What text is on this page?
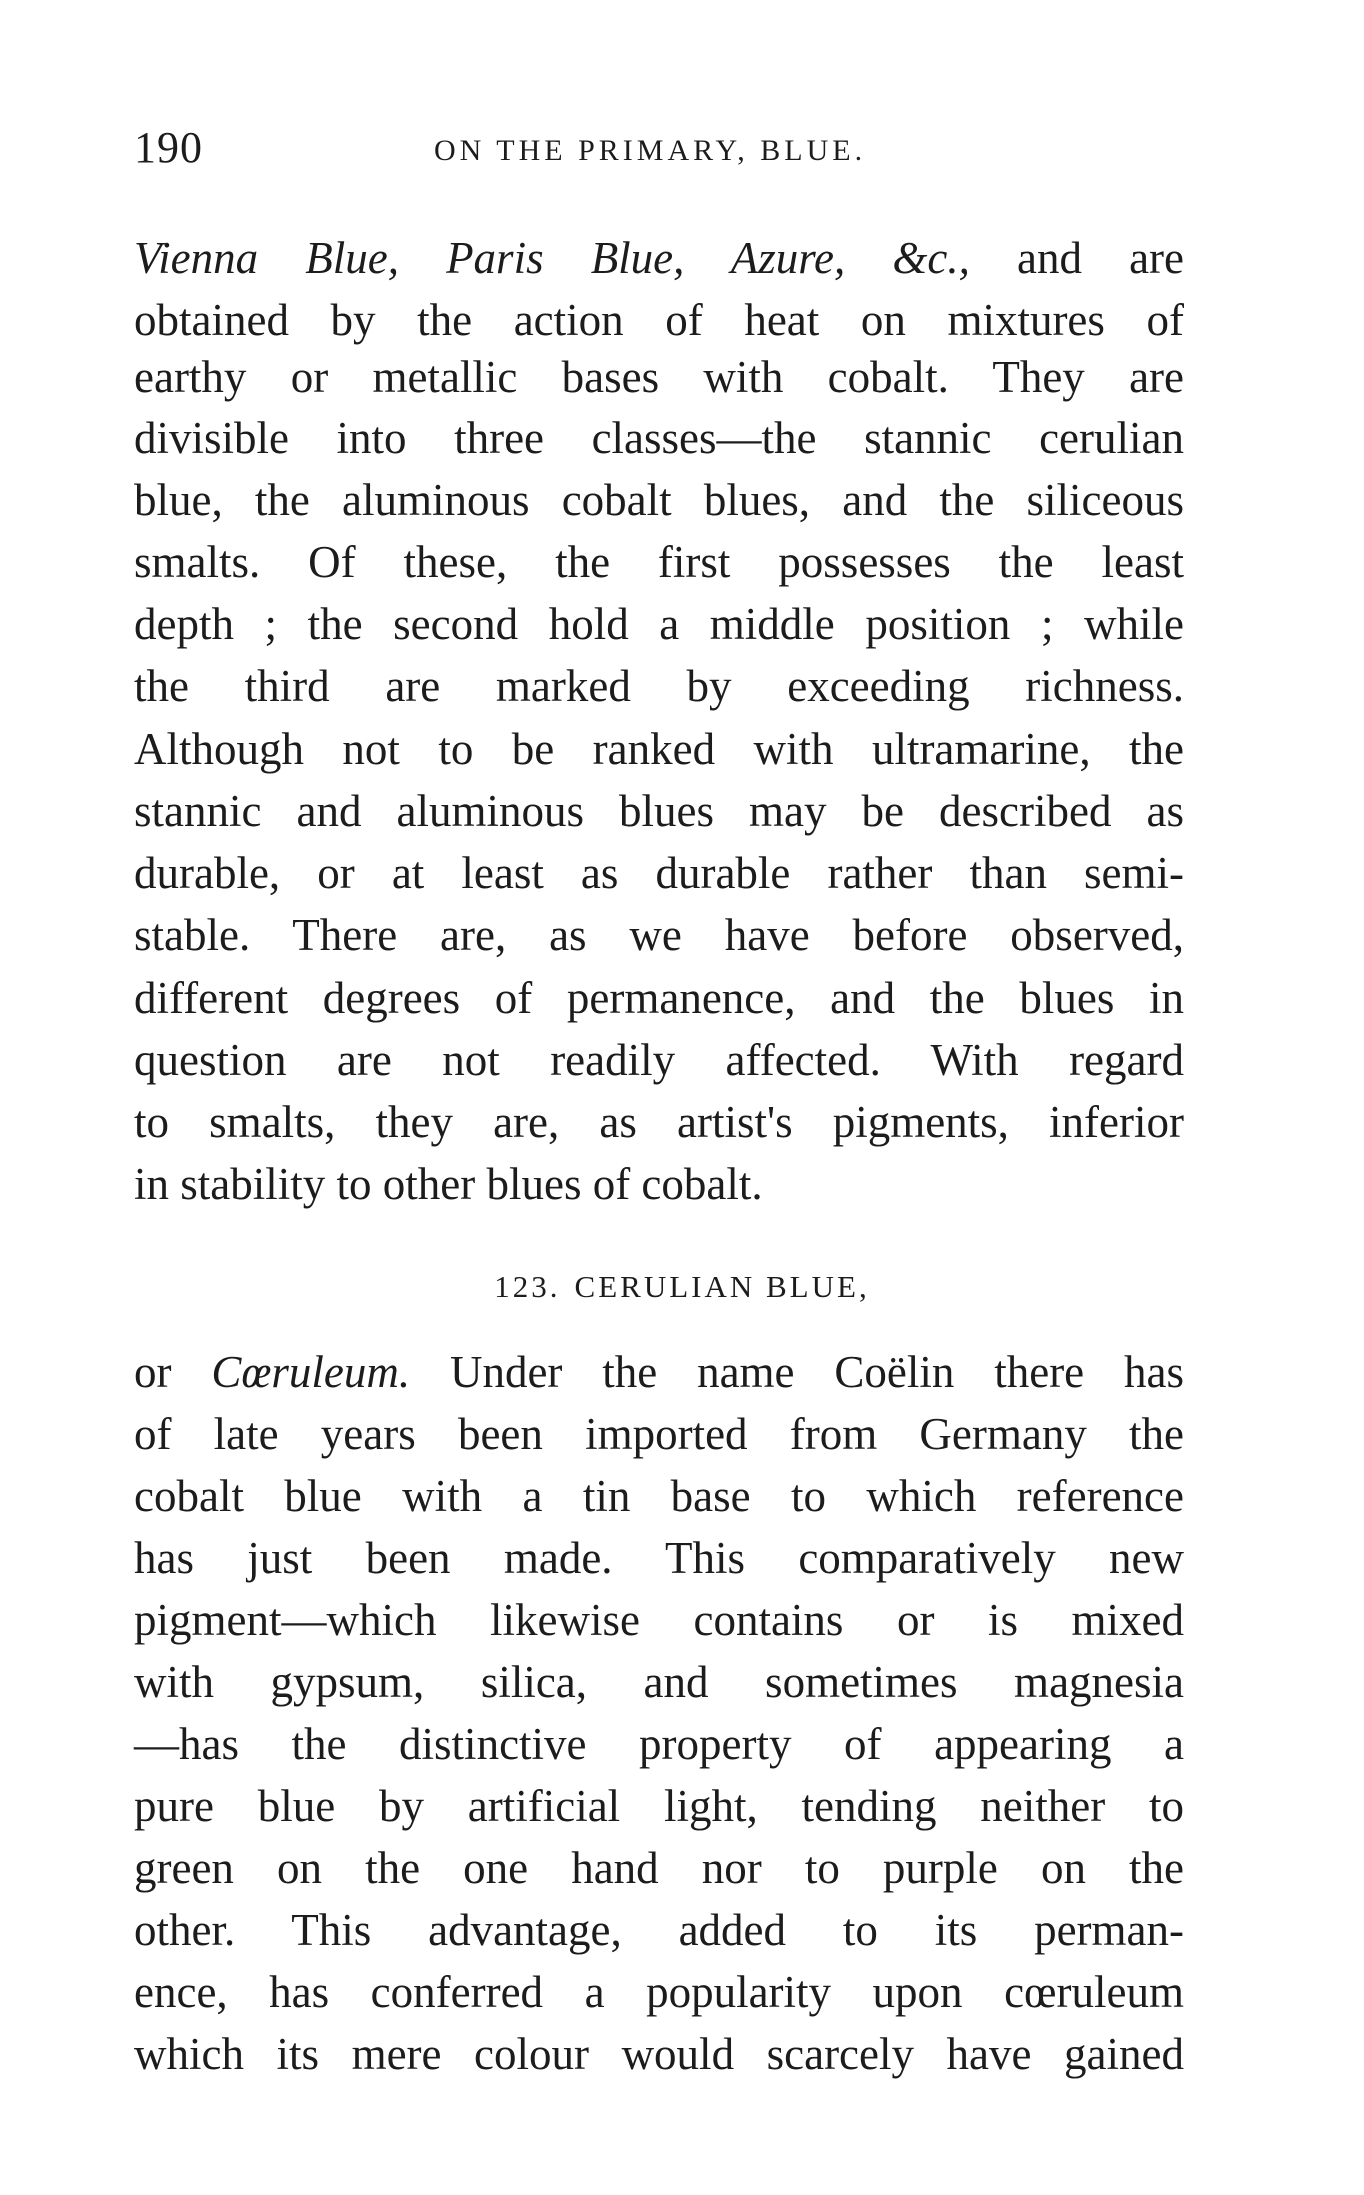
190	ON THE PRIMARY, BLUE.
Vienna Blue, Paris Blue, Azure, &c., and are
obtained by the action of heat on mixtures of
earthy or metallic bases with cobalt. They are
divisible into three classes—the stannic cerulian
blue, the aluminous cobalt blues, and the siliceous
smalts. Of these, the first possesses the least
depth ; the second hold a middle position ; while
the third are marked by exceeding richness.
Although not to be ranked with ultramarine, the
stannic and aluminous blues may be described as
durable, or at least as durable rather than semi-
stable. There are, as we have before observed,
different degrees of permanence, and the blues in
question are not readily affected. With regard
to smalts, they are, as artist's pigments, inferior
in stability to other blues of cobalt.
123. CERULIAN BLUE,
or Cœruleum. Under the name Coëlin there has
of late years been imported from Germany the
cobalt blue with a tin base to which reference
has just been made. This comparatively new
pigment—which likewise contains or is mixed
with gypsum, silica, and sometimes magnesia
—has the distinctive property of appearing a
pure blue by artificial light, tending neither to
green on the one hand nor to purple on the
other. This advantage, added to its perman-
ence, has conferred a popularity upon cœruleum
which its mere colour would scarcely have gained
